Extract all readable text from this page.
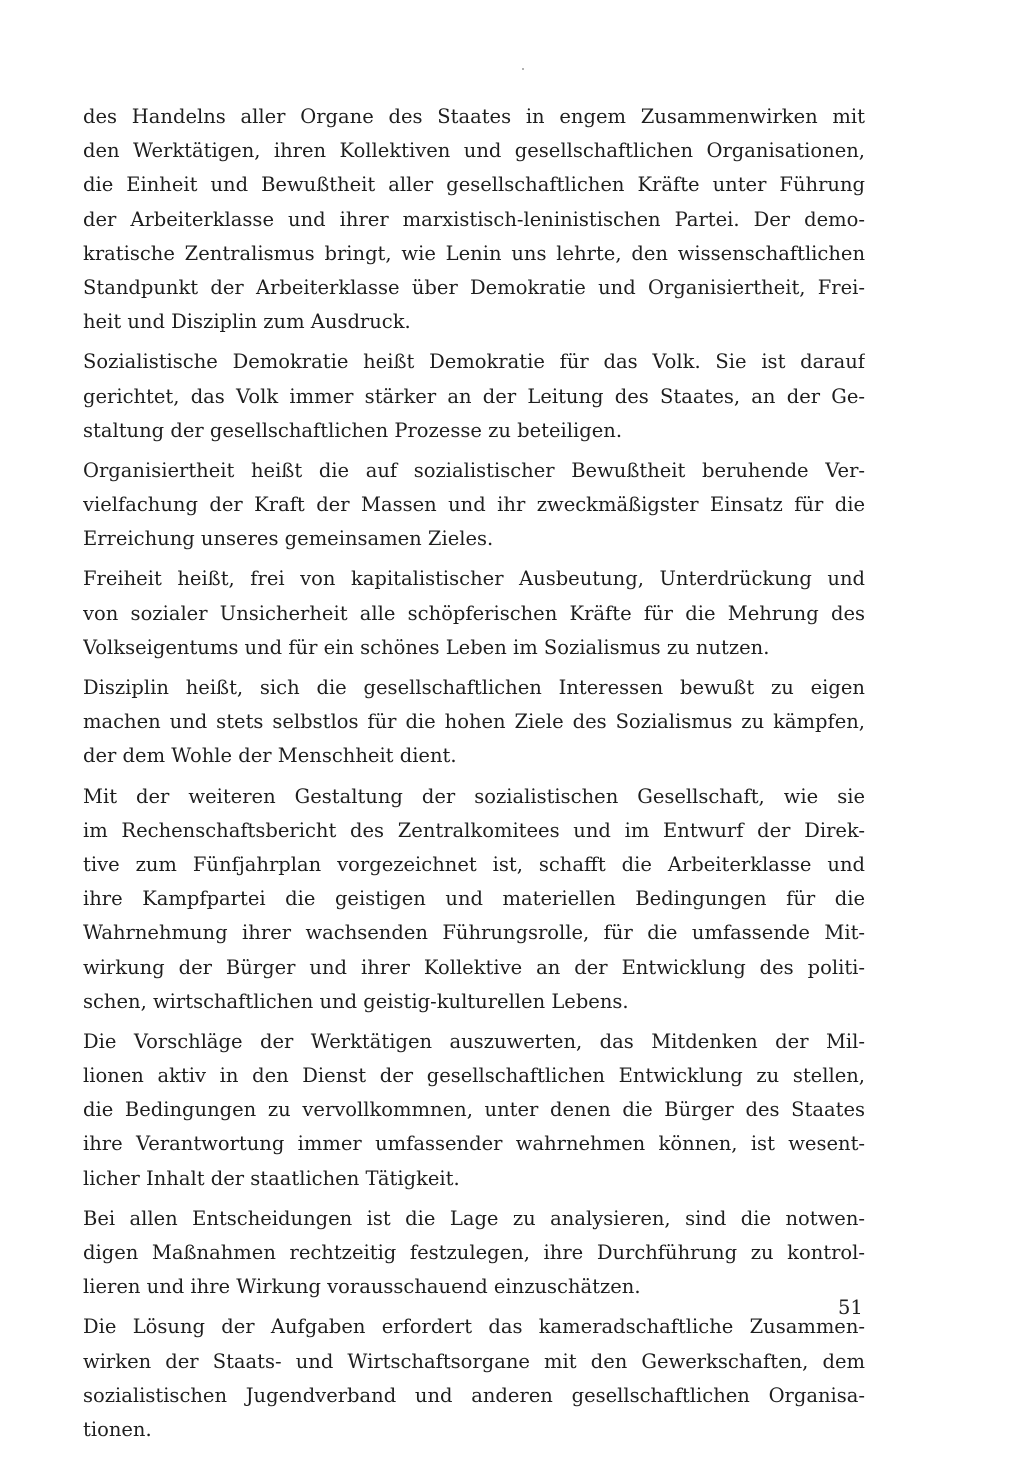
des Handelns aller Organe des Staates in engem Zusammenwirken mit
den Werktätigen, ihren Kollektiven und gesellschaftlichen Organisationen,
die Einheit und Bewußtheit aller gesellschaftlichen Kräfte unter Führung
der Arbeiterklasse und ihrer marxistisch-leninistischen Partei. Der demo-
kratische Zentralismus bringt, wie Lenin uns lehrte, den wissenschaftlichen
Standpunkt der Arbeiterklasse über Demokratie und Organisiertheit, Frei-
heit und Disziplin zum Ausdruck.

Sozialistische Demokratie heißt Demokratie für das Volk. Sie ist darauf
gerichtet, das Volk immer stärker an der Leitung des Staates, an der Ge-
staltung der gesellschaftlichen Prozesse zu beteiligen.

Organisiertheit heißt die auf sozialistischer Bewußtheit beruhende Ver-
vielfachung der Kraft der Massen und ihr zweckmäßigster Einsatz für die
Erreichung unseres gemeinsamen Zieles.

Freiheit heißt, frei von kapitalistischer Ausbeutung, Unterdrückung und
von sozialer Unsicherheit alle schöpferischen Kräfte für die Mehrung des
Volkseigentums und für ein schönes Leben im Sozialismus zu nutzen.

Disziplin heißt, sich die gesellschaftlichen Interessen bewußt zu eigen
machen und stets selbstlos für die hohen Ziele des Sozialismus zu kämpfen,
der dem Wohle der Menschheit dient.

Mit der weiteren Gestaltung der sozialistischen Gesellschaft, wie sie
im Rechenschaftsbericht des Zentralkomitees und im Entwurf der Direk-
tive zum Fünfjahrplan vorgezeichnet ist, schafft die Arbeiterklasse und
ihre Kampfpartei die geistigen und materiellen Bedingungen für die
Wahrnehmung ihrer wachsenden Führungsrolle, für die umfassende Mit-
wirkung der Bürger und ihrer Kollektive an der Entwicklung des politi-
schen, wirtschaftlichen und geistig-kulturellen Lebens.

Die Vorschläge der Werktätigen auszuwerten, das Mitdenken der Mil-
lionen aktiv in den Dienst der gesellschaftlichen Entwicklung zu stellen,
die Bedingungen zu vervollkommnen, unter denen die Bürger des Staates
ihre Verantwortung immer umfassender wahrnehmen können, ist wesent-
licher Inhalt der staatlichen Tätigkeit.

Bei allen Entscheidungen ist die Lage zu analysieren, sind die notwen-
digen Maßnahmen rechtzeitig festzulegen, ihre Durchführung zu kontrol-
lieren und ihre Wirkung vorausschauend einzuschätzen.

Die Lösung der Aufgaben erfordert das kameradschaftliche Zusammen-
wirken der Staats- und Wirtschaftsorgane mit den Gewerkschaften, dem
sozialistischen Jugendverband und anderen gesellschaftlichen Organisa-
tionen.

51
